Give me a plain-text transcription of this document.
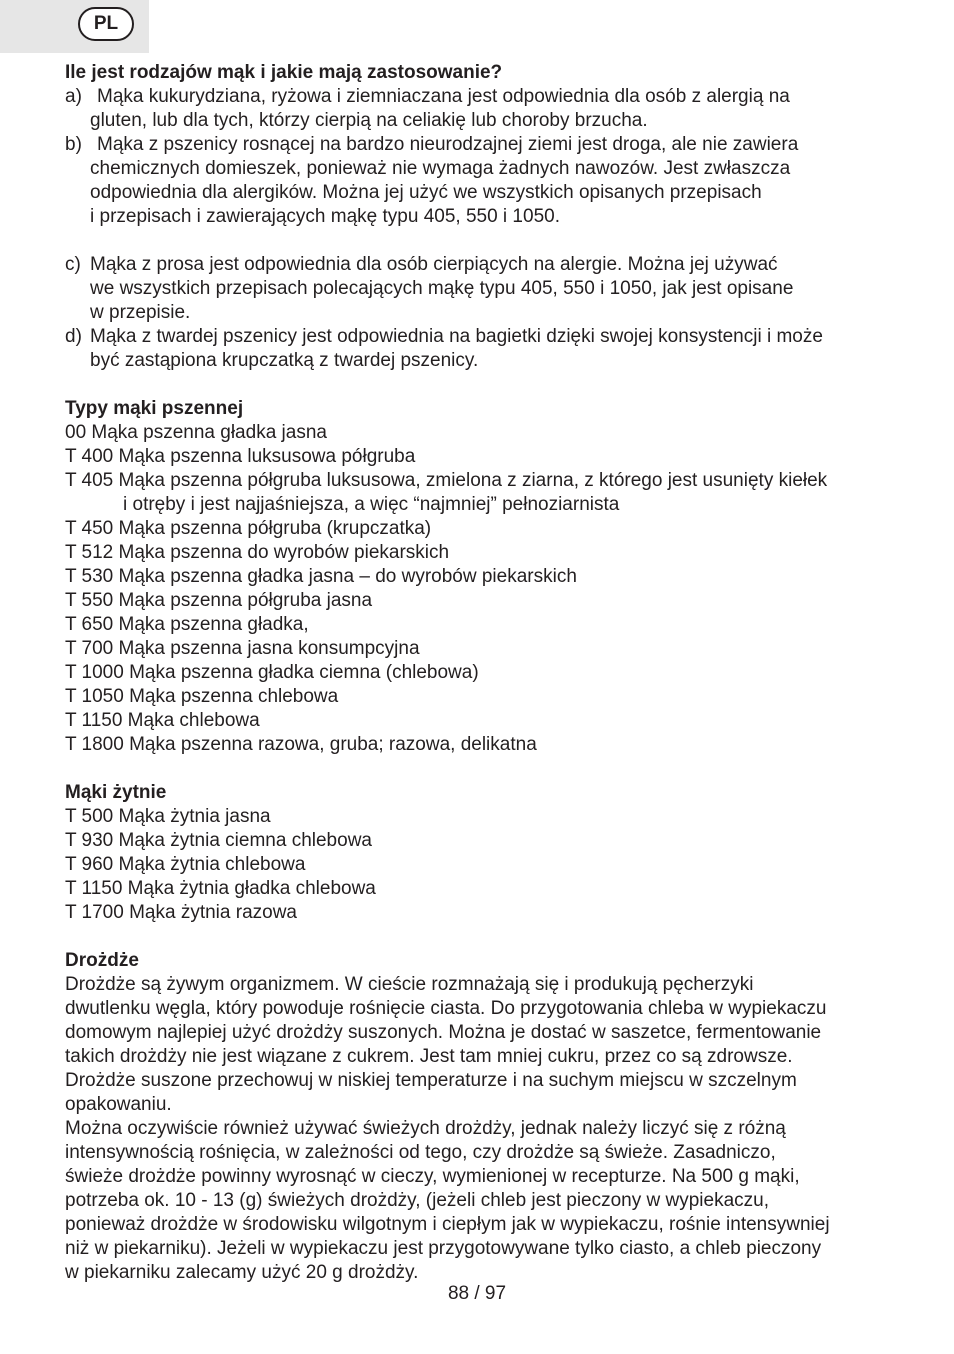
PL
Ile jest rodzajów mąk i jakie mają zastosowanie?
a) Mąka kukurydziana, ryżowa i ziemniaczana jest odpowiednia dla osób z alergią na
gluten, lub dla tych, którzy cierpią na celiakię lub choroby brzucha.
b) Mąka z pszenicy rosnącej na bardzo nieurodzajnej ziemi jest droga, ale nie zawiera
chemicznych domieszek, ponieważ nie wymaga żadnych nawozów. Jest zwłaszcza
odpowiednia dla alergików. Można jej użyć we wszystkich opisanych przepisach
i przepisach i zawierających mąkę typu 405, 550 i 1050.
c) Mąka z prosa jest odpowiednia dla osób cierpiących na alergie. Można jej używać
we wszystkich przepisach polecających mąkę typu 405, 550 i 1050, jak jest opisane
w przepisie.
d) Mąka z twardej pszenicy jest odpowiednia na bagietki dzięki swojej konsystencji i może
być zastąpiona krupczatką z twardej pszenicy.
Typy mąki pszennej
00 Mąka pszenna gładka jasna
T 400 Mąka pszenna luksusowa półgruba
T 405 Mąka pszenna półgruba luksusowa, zmielona z ziarna, z którego jest usunięty kiełek
i otręby i jest najjaśniejsza, a więc “najmniej” pełnoziarnista
T 450 Mąka pszenna półgruba (krupczatka)
T 512 Mąka pszenna do wyrobów piekarskich
T 530 Mąka pszenna gładka jasna – do wyrobów piekarskich
T 550 Mąka pszenna półgruba jasna
T 650 Mąka pszenna gładka,
T 700 Mąka pszenna jasna konsumpcyjna
T 1000 Mąka pszenna gładka ciemna (chlebowa)
T 1050 Mąka pszenna chlebowa
T 1150 Mąka chlebowa
T 1800 Mąka pszenna razowa, gruba; razowa, delikatna
Mąki żytnie
T 500 Mąka żytnia jasna
T 930 Mąka żytnia ciemna chlebowa
T 960 Mąka żytnia chlebowa
T 1150 Mąka żytnia gładka chlebowa
T 1700 Mąka żytnia razowa
Drożdże
Drożdże są żywym organizmem. W cieście rozmnażają się i produkują pęcherzyki
dwutlenku węgla, który powoduje rośnięcie ciasta. Do przygotowania chleba w wypiekaczu
domowym najlepiej użyć drożdży suszonych. Można je dostać w saszetce, fermentowanie
takich drożdży nie jest wiązane z cukrem. Jest tam mniej cukru, przez co są zdrowsze.
Drożdże suszone przechowuj w niskiej temperaturze i na suchym miejscu w szczelnym
opakowaniu.
Można oczywiście również używać świeżych drożdży, jednak należy liczyć się z różną
intensywnością rośnięcia, w zależności od tego, czy drożdże są świeże. Zasadniczo,
świeże drożdże powinny wyrosnąć w cieczy, wymienionej w recepturze. Na 500 g mąki,
potrzeba ok. 10 - 13 (g) świeżych drożdży, (jeżeli chleb jest pieczony w wypiekaczu,
ponieważ drożdże w środowisku wilgotnym i ciepłym jak w wypiekaczu, rośnie intensywniej
niż w piekarniku). Jeżeli w wypiekaczu jest przygotowywane tylko ciasto, a chleb pieczony
w piekarniku zalecamy użyć 20 g drożdży.
88 / 97
